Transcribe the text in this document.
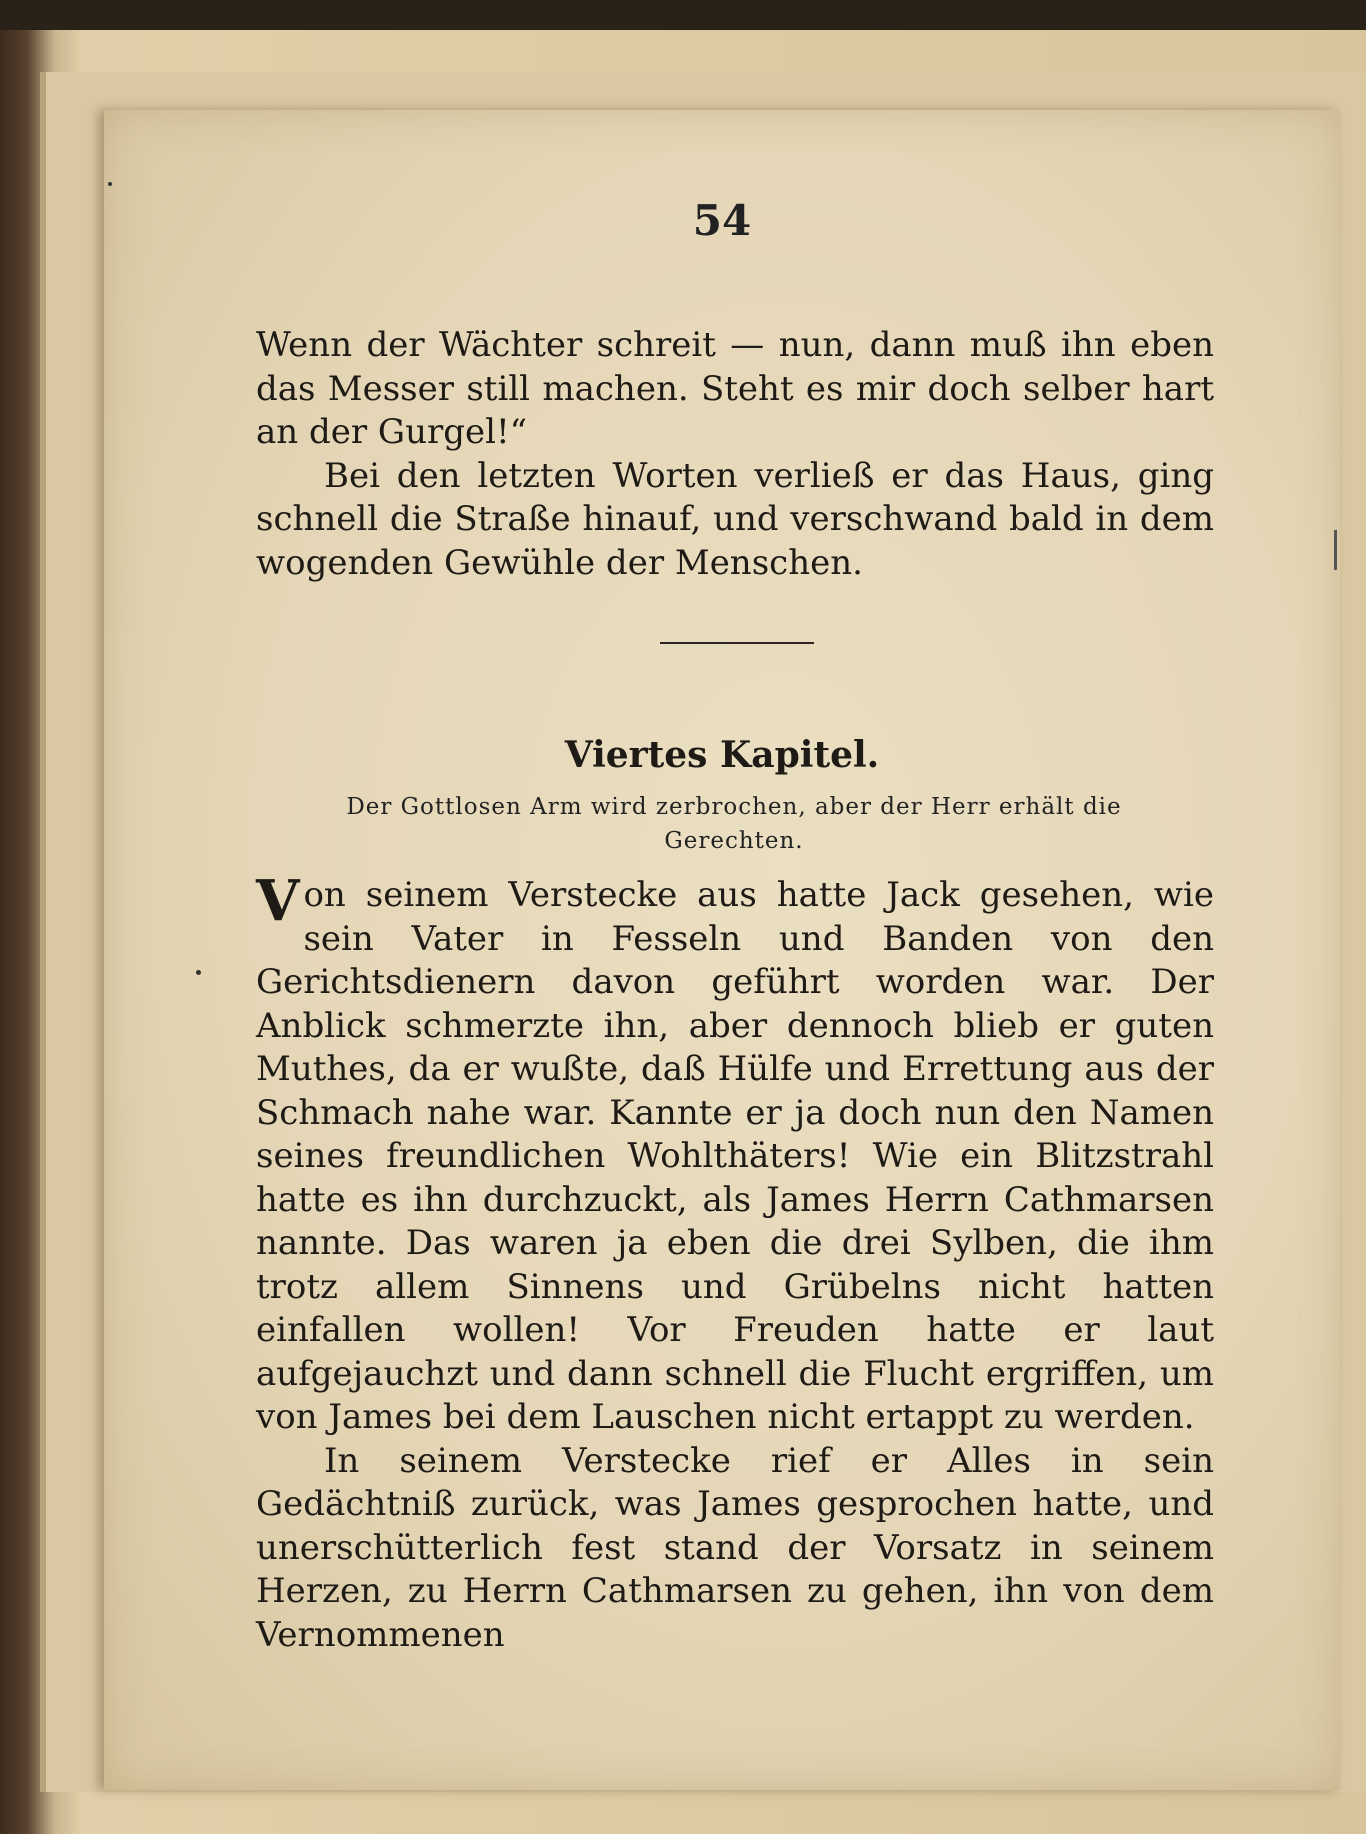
54

Wenn der Wächter schreit — nun, dann muß ihn eben das Messer still machen. Steht es mir doch selber hart an der Gurgel!“

Bei den letzten Worten verließ er das Haus, ging schnell die Straße hinauf, und verschwand bald in dem wogenden Gewühle der Menschen.

Viertes Kapitel.
Der Gottlosen Arm wird zerbrochen, aber der Herr erhält die Gerechten.

Von seinem Verstecke aus hatte Jack gesehen, wie sein Vater in Fesseln und Banden von den Gerichtsdienern davon geführt worden war. Der Anblick schmerzte ihn, aber dennoch blieb er guten Muthes, da er wußte, daß Hülfe und Errettung aus der Schmach nahe war. Kannte er ja doch nun den Namen seines freundlichen Wohlthäters! Wie ein Blitzstrahl hatte es ihn durchzuckt, als James Herrn Cathmarsen nannte. Das waren ja eben die drei Sylben, die ihm trotz allem Sinnens und Grübelns nicht hatten einfallen wollen! Vor Freuden hatte er laut aufgejauchzt und dann schnell die Flucht ergriffen, um von James bei dem Lauschen nicht ertappt zu werden.

In seinem Verstecke rief er Alles in sein Gedächtniß zurück, was James gesprochen hatte, und unerschütterlich fest stand der Vorsatz in seinem Herzen, zu Herrn Cathmarsen zu gehen, ihn von dem Vernommenen
